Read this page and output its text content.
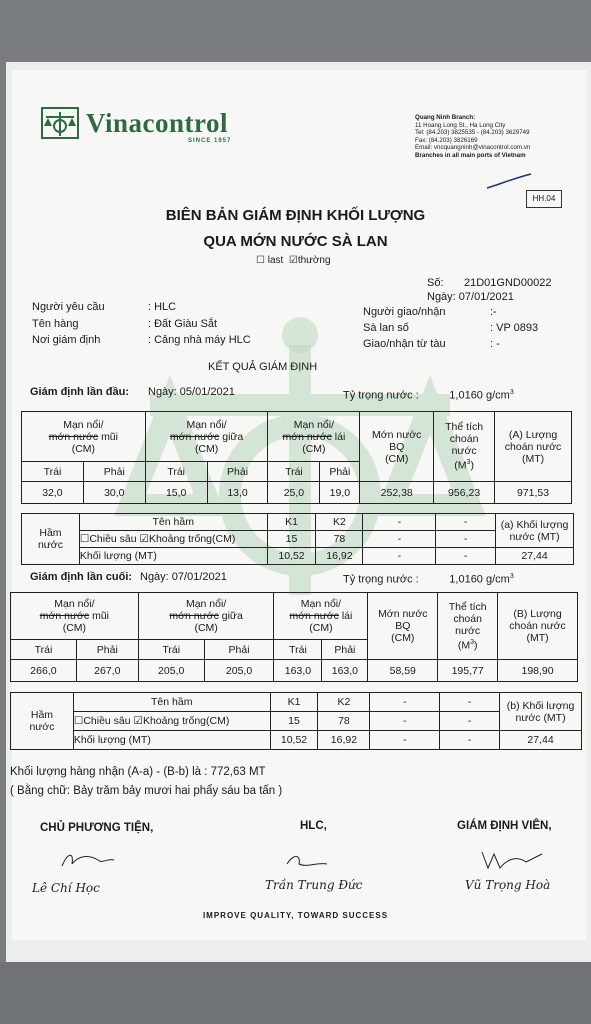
Vinacontrol
SINCE 1957
Quang Ninh Branch:
11 Hoang Long St., Ha Long City
Tel: (84.203) 3825535 - (84.203) 3629749
Fax: (84.203) 3826169
Email: vncquangninh@vinacontrol.com.vn
Branches in all main ports of Vietnam
HH.04
BIÊN BẢN GIÁM ĐỊNH KHỐI LƯỢNG
QUA MỚN NƯỚC SÀ LAN
☐ last ☑thường
Số: 21D01GND00022
Ngày: 07/01/2021
Người yêu cầu	: HLC
Tên hàng	: Đất Giàu Sắt
Nơi giám định	: Cảng nhà máy HLC
Người giao/nhận	:-
Sà lan số	: VP 0893
Giao/nhận từ tàu	: -
KẾT QUẢ GIÁM ĐỊNH
Giám định lần đầu: Ngày: 05/01/2021	Tỷ trọng nước :	1,0160 $g/cm^3$
Mạn nổi/
mớn nước mũi
(CM)		Mạn nổi/
mớn nước giữa
(CM)		Mạn nổi/
mớn nước lái
(CM)		Mớn nước
BQ
(CM)	Thể tích
choán
nước
$(M^3)$	(A) Lượng
choán nước
(MT)
Trái	Phải	Trái	Phải	Trái	Phải			
32,0	30,0	15,0	13,0	25,0	19,0	252,38	956,23	971,53
Hầm
nước	Tên hầm	K1	K2	-	-	(a) Khối lượng
nước (MT)
	☐Chiều sâu ☑Khoảng trống(CM)	15	78	-	-	
	Khối lượng (MT)	10,52	16,92	-	-	27,44
Giám định lần cuối: Ngày: 07/01/2021	Tỷ trọng nước :	1,0160 $g/cm^3$
Mạn nổi/
mớn nước mũi
(CM)		Mạn nổi/
mớn nước giữa
(CM)		Mạn nổi/
mớn nước lái
(CM)		Mớn nước
BQ
(CM)	Thể tích
choán
nước
$(M^3)$	(B) Lượng
choán nước
(MT)
Trái	Phải	Trái	Phải	Trái	Phải			
266,0	267,0	205,0	205,0	163,0	163,0	58,59	195,77	198,90
Hầm
nước	Tên hầm	K1	K2	-	-	(b) Khối lượng
nước (MT)
	☐Chiều sâu ☑Khoảng trống(CM)	15	78	-	-	
	Khối lượng (MT)	10,52	16,92	-	-	27,44
Khối lượng hàng nhận (A-a) - (B-b) là : 772,63 MT
( Bằng chữ: Bảy trăm bảy mươi hai phẩy sáu ba tấn )
CHỦ PHƯƠNG TIỆN,	HLC,	GIÁM ĐỊNH VIÊN,
Lê Chí Học	Trần Trung Đức	Vũ Trọng Hoà
IMPROVE QUALITY, TOWARD SUCCESS
